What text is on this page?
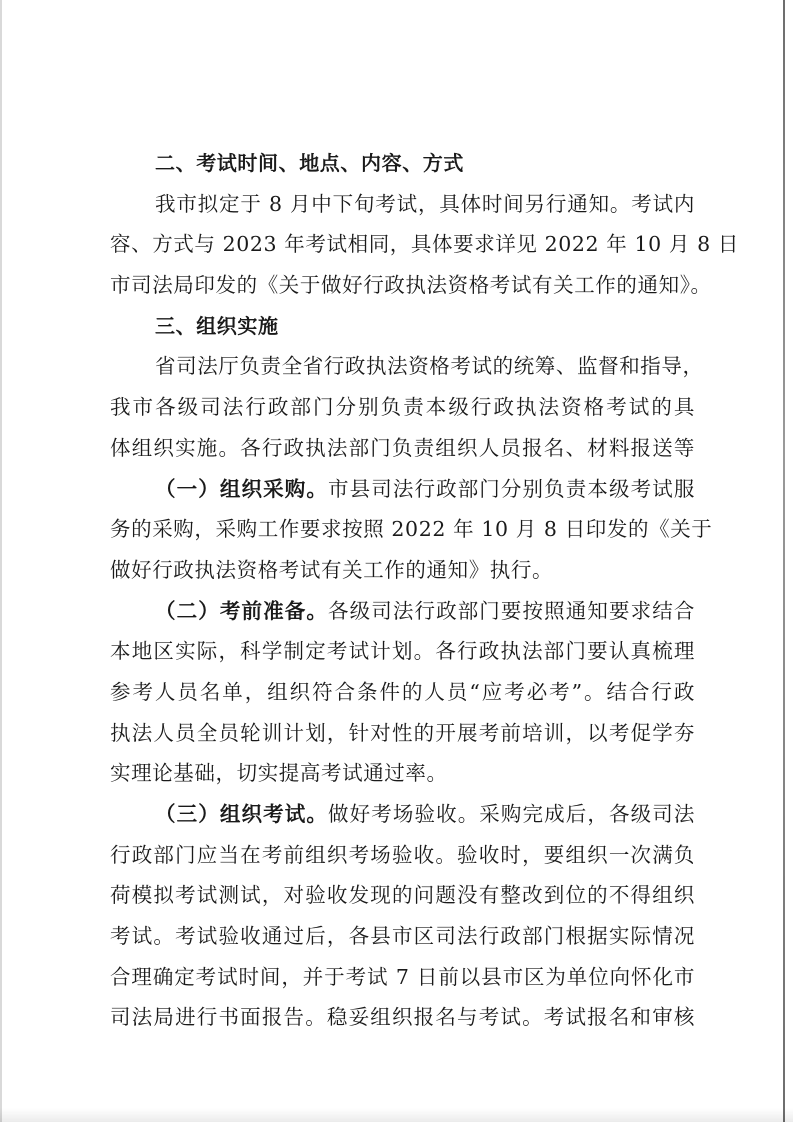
二、考试时间、地点、内容、方式
我市拟定于 8 月中下旬考试，具体时间另行通知。考试内
容、方式与 2023 年考试相同，具体要求详见 2022 年 10 月 8 日
市司法局印发的《关于做好行政执法资格考试有关工作的通知》。
三、组织实施
省司法厅负责全省行政执法资格考试的统筹、监督和指导，
我市各级司法行政部门分别负责本级行政执法资格考试的具
体组织实施。各行政执法部门负责组织人员报名、材料报送等
（一）组织采购。市县司法行政部门分别负责本级考试服
务的采购，采购工作要求按照 2022 年 10 月 8 日印发的《关于
做好行政执法资格考试有关工作的通知》执行。
（二）考前准备。各级司法行政部门要按照通知要求结合
本地区实际，科学制定考试计划。各行政执法部门要认真梳理
参考人员名单，组织符合条件的人员“应考必考”。结合行政
执法人员全员轮训计划，针对性的开展考前培训，以考促学夯
实理论基础，切实提高考试通过率。
（三）组织考试。做好考场验收。采购完成后，各级司法
行政部门应当在考前组织考场验收。验收时，要组织一次满负
荷模拟考试测试，对验收发现的问题没有整改到位的不得组织
考试。考试验收通过后，各县市区司法行政部门根据实际情况
合理确定考试时间，并于考试 7 日前以县市区为单位向怀化市
司法局进行书面报告。稳妥组织报名与考试。考试报名和审核
